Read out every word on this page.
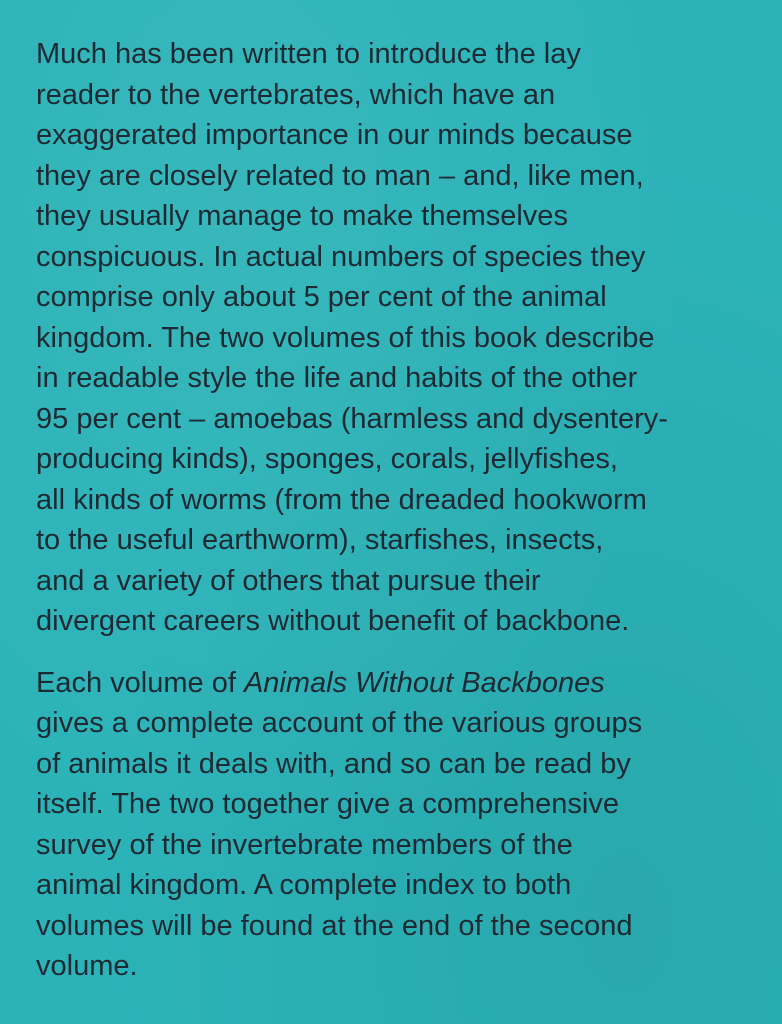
Much has been written to introduce the lay
reader to the vertebrates, which have an
exaggerated importance in our minds because
they are closely related to man – and, like men,
they usually manage to make themselves
conspicuous. In actual numbers of species they
comprise only about 5 per cent of the animal
kingdom. The two volumes of this book describe
in readable style the life and habits of the other
95 per cent – amoebas (harmless and dysentery-
producing kinds), sponges, corals, jellyfishes,
all kinds of worms (from the dreaded hookworm
to the useful earthworm), starfishes, insects,
and a variety of others that pursue their
divergent careers without benefit of backbone.

Each volume of Animals Without Backbones
gives a complete account of the various groups
of animals it deals with, and so can be read by
itself. The two together give a comprehensive
survey of the invertebrate members of the
animal kingdom. A complete index to both
volumes will be found at the end of the second
volume.
